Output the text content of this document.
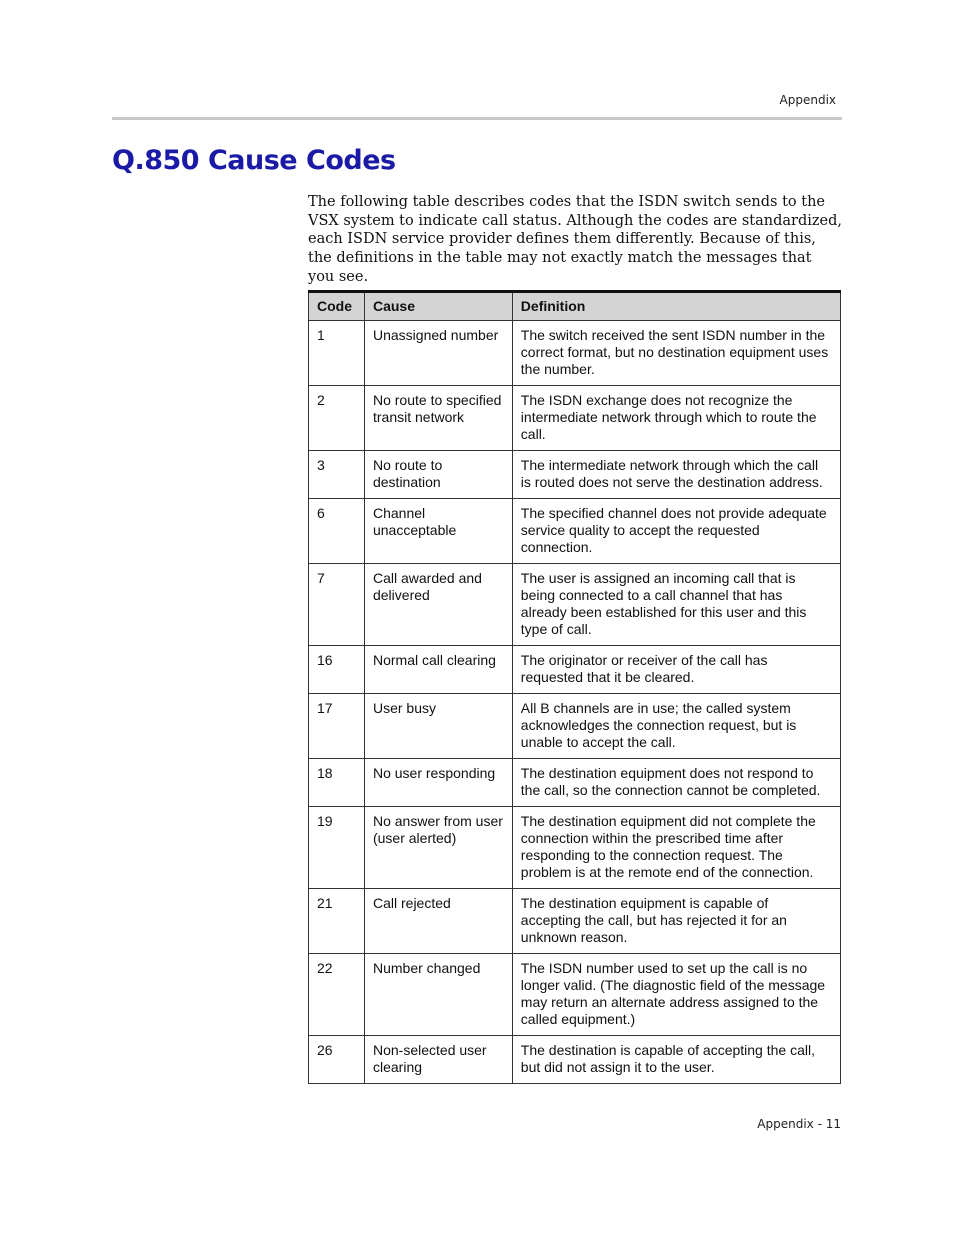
Appendix
Q.850 Cause Codes

The following table describes codes that the ISDN switch sends to the VSX system to indicate call status. Although the codes are standardized, each ISDN service provider defines them differently. Because of this, the definitions in the table may not exactly match the messages that you see.

Code	Cause	Definition
1	Unassigned number	The switch received the sent ISDN number in the correct format, but no destination equipment uses the number.
2	No route to specified transit network	The ISDN exchange does not recognize the intermediate network through which to route the call.
3	No route to destination	The intermediate network through which the call is routed does not serve the destination address.
6	Channel unacceptable	The specified channel does not provide adequate service quality to accept the requested connection.
7	Call awarded and delivered	The user is assigned an incoming call that is being connected to a call channel that has already been established for this user and this type of call.
16	Normal call clearing	The originator or receiver of the call has requested that it be cleared.
17	User busy	All B channels are in use; the called system acknowledges the connection request, but is unable to accept the call.
18	No user responding	The destination equipment does not respond to the call, so the connection cannot be completed.
19	No answer from user (user alerted)	The destination equipment did not complete the connection within the prescribed time after responding to the connection request. The problem is at the remote end of the connection.
21	Call rejected	The destination equipment is capable of accepting the call, but has rejected it for an unknown reason.
22	Number changed	The ISDN number used to set up the call is no longer valid. (The diagnostic field of the message may return an alternate address assigned to the called equipment.)
26	Non-selected user clearing	The destination is capable of accepting the call, but did not assign it to the user.
Appendix - 11
